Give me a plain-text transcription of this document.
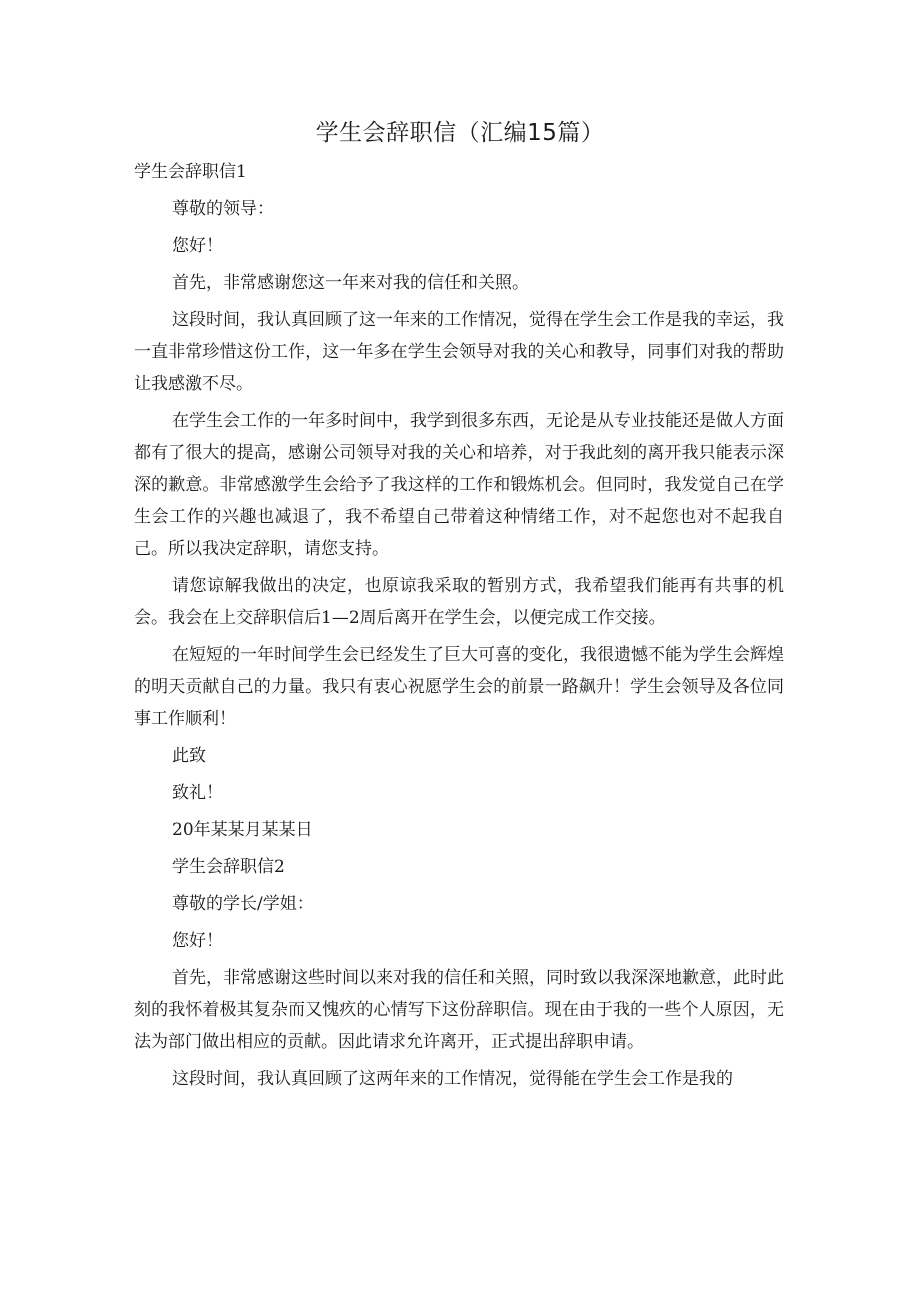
学生会辞职信（汇编15篇）

学生会辞职信1

尊敬的领导：

您好！

首先，非常感谢您这一年来对我的信任和关照。

这段时间，我认真回顾了这一年来的工作情况，觉得在学生会工作是我的幸运，我一直非常珍惜这份工作，这一年多在学生会领导对我的关心和教导，同事们对我的帮助让我感激不尽。

在学生会工作的一年多时间中，我学到很多东西，无论是从专业技能还是做人方面都有了很大的提高，感谢公司领导对我的关心和培养，对于我此刻的离开我只能表示深深的歉意。非常感激学生会给予了我这样的工作和锻炼机会。但同时，我发觉自己在学生会工作的兴趣也减退了，我不希望自己带着这种情绪工作，对不起您也对不起我自己。所以我决定辞职，请您支持。

请您谅解我做出的决定，也原谅我采取的暂别方式，我希望我们能再有共事的机会。我会在上交辞职信后1—2周后离开在学生会，以便完成工作交接。

在短短的一年时间学生会已经发生了巨大可喜的变化，我很遗憾不能为学生会辉煌的明天贡献自己的力量。我只有衷心祝愿学生会的前景一路飙升！学生会领导及各位同事工作顺利！

此致

致礼！

20年某某月某某日

学生会辞职信2

尊敬的学长/学姐：

您好！

首先，非常感谢这些时间以来对我的信任和关照，同时致以我深深地歉意，此时此刻的我怀着极其复杂而又愧疚的心情写下这份辞职信。现在由于我的一些个人原因，无法为部门做出相应的贡献。因此请求允许离开，正式提出辞职申请。

这段时间，我认真回顾了这两年来的工作情况，觉得能在学生会工作是我的
